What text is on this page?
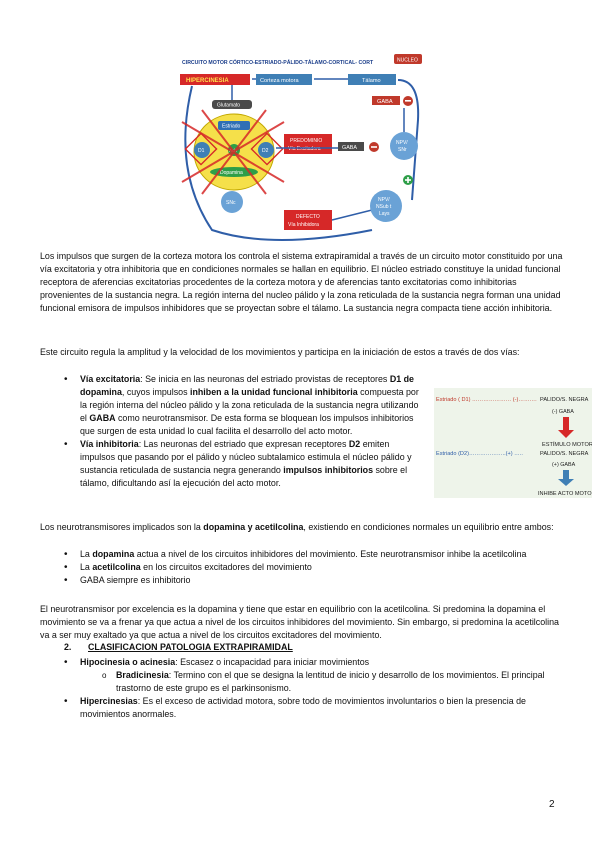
CIRCUITO MOTOR CÓRTICO-ESTRIADO-PÁLIDO-TÁLAMO-CORTICAL- CORT	NUCLEO
HIPERCINESIA	Corteza motora	Tálamo
Glutamato
GABA
Estriado
D1	D2
Ach
Dopamina
PREDOMINIO
Vía Excitadora	GABA
NPV/
SNr
SNc
DEFECTO
Vía Inhibidora
NPV/
NSub t
Lays

Los impulsos que surgen de la corteza motora los controla el sistema extrapiramidal a través de un circuito motor constituido por una vía excitatoria y otra inhibitoria que en condiciones normales se hallan en equilibrio. El núcleo estriado constituye la unidad funcional receptora de aferencias excitatorias procedentes de la corteza motora y de aferencias tanto excitatorias como inhibitorias provenientes de la sustancia negra. La región interna del nucleo pálido y la zona reticulada de la sustancia negra forman una unidad funcional emisora de impulsos inhibidores que se proyectan sobre el tálamo. La sustancia negra compacta tiene acción inhibitoria.

Este circuito regula la amplitud y la velocidad de los movimientos y participa en la iniciación de estos a través de dos vías:

• Vía excitatoria: Se inicia en las neuronas del estriado provistas de receptores D1 de dopamina, cuyos impulsos inhiben a la unidad funcional inhibitoria compuesta por la región interna del núcleo pálido y la zona reticulada de la sustancia negra utilizando el GABA como neurotransmisor. De esta forma se bloquean los impulsos inhibitorios que surgen de esta unidad lo cual facilita el desarrollo del acto motor.
• Vía inhibitoria: Las neuronas del estriado que expresan receptores D2 emiten impulsos que pasando por el pálido y núcleo subtalamico estimula el núcleo pálido y sustancia reticulada de sustancia negra generando impulsos inhibitorios sobre el tálamo, dificultando así la ejecución del acto motor.
Estriado ( D1) ………………… (-)………. PALIDO/S. NEGRA
(-) GABA
ESTÍMULO MOTOR
Estriado (D2)………………..(+) …..	PALIDO/S. NEGRA
(+) GABA
INHIBE ACTO MOTOR

Los neurotransmisores implicados son la dopamina y acetilcolina, existiendo en condiciones normales un equilibrio entre ambos:

• La dopamina actua a nivel de los circuitos inhibidores del movimiento. Este neurotransmisor inhibe la acetilcolina
• La acetilcolina en los circuitos excitadores del movimiento
• GABA siempre es inhibitorio

El neurotransmisor por excelencia es la dopamina y tiene que estar en equilibrio con la acetilcolina. Si predomina la dopamina el movimiento se va a frenar ya que actua a nivel de los circuitos inhibidores del movimiento. Sin embargo, si predomina la acetilcolina va a ser muy exaltado ya que actua a nivel de los circuitos excitadores del movimiento.

2. CLASIFICACION PATOLOGIA EXTRAPIRAMIDAL
• Hipocinesia o acinesia: Escasez o incapacidad para iniciar movimientos
o Bradicinesia: Termino con el que se designa la lentitud de inicio y desarrollo de los movimientos. El principal trastorno de este grupo es el parkinsonismo.
• Hipercinesias: Es el exceso de actividad motora, sobre todo de movimientos involuntarios o bien la presencia de movimientos anormales.
2
